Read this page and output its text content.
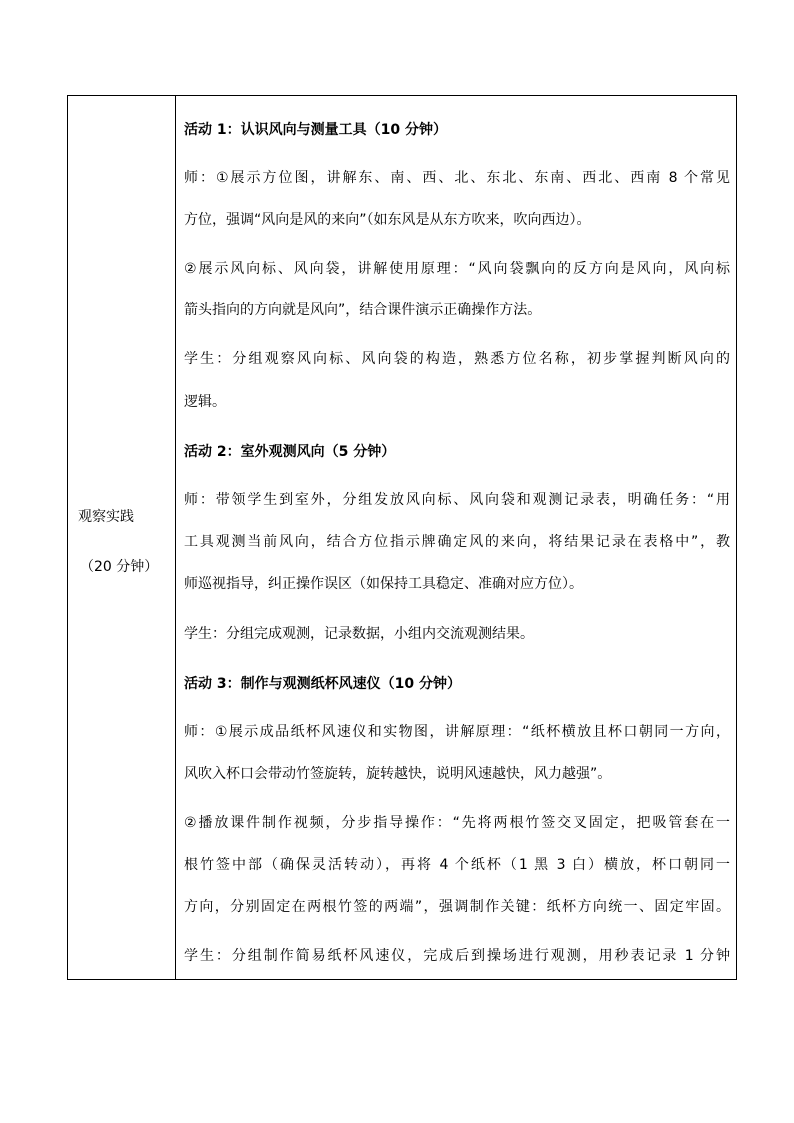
观察实践
（20 分钟）
活动 1：认识风向与测量工具（10 分钟）
师：①展示方位图，讲解东、南、西、北、东北、东南、西北、西南 8 个常见
方位，强调“风向是风的来向”（如东风是从东方吹来，吹向西边）。
②展示风向标、风向袋，讲解使用原理：“风向袋飘向的反方向是风向，风向标
箭头指向的方向就是风向”，结合课件演示正确操作方法。
学生：分组观察风向标、风向袋的构造，熟悉方位名称，初步掌握判断风向的
逻辑。
活动 2：室外观测风向（5 分钟）
师：带领学生到室外，分组发放风向标、风向袋和观测记录表，明确任务：“用
工具观测当前风向，结合方位指示牌确定风的来向，将结果记录在表格中”，教
师巡视指导，纠正操作误区（如保持工具稳定、准确对应方位）。
学生：分组完成观测，记录数据，小组内交流观测结果。
活动 3：制作与观测纸杯风速仪（10 分钟）
师：①展示成品纸杯风速仪和实物图，讲解原理：“纸杯横放且杯口朝同一方向，
风吹入杯口会带动竹签旋转，旋转越快，说明风速越快，风力越强”。
②播放课件制作视频，分步指导操作：“先将两根竹签交叉固定，把吸管套在一
根竹签中部（确保灵活转动），再将 4 个纸杯（1 黑 3 白）横放，杯口朝同一
方向，分别固定在两根竹签的两端”，强调制作关键：纸杯方向统一、固定牢固。
学生：分组制作简易纸杯风速仪，完成后到操场进行观测，用秒表记录 1 分钟
